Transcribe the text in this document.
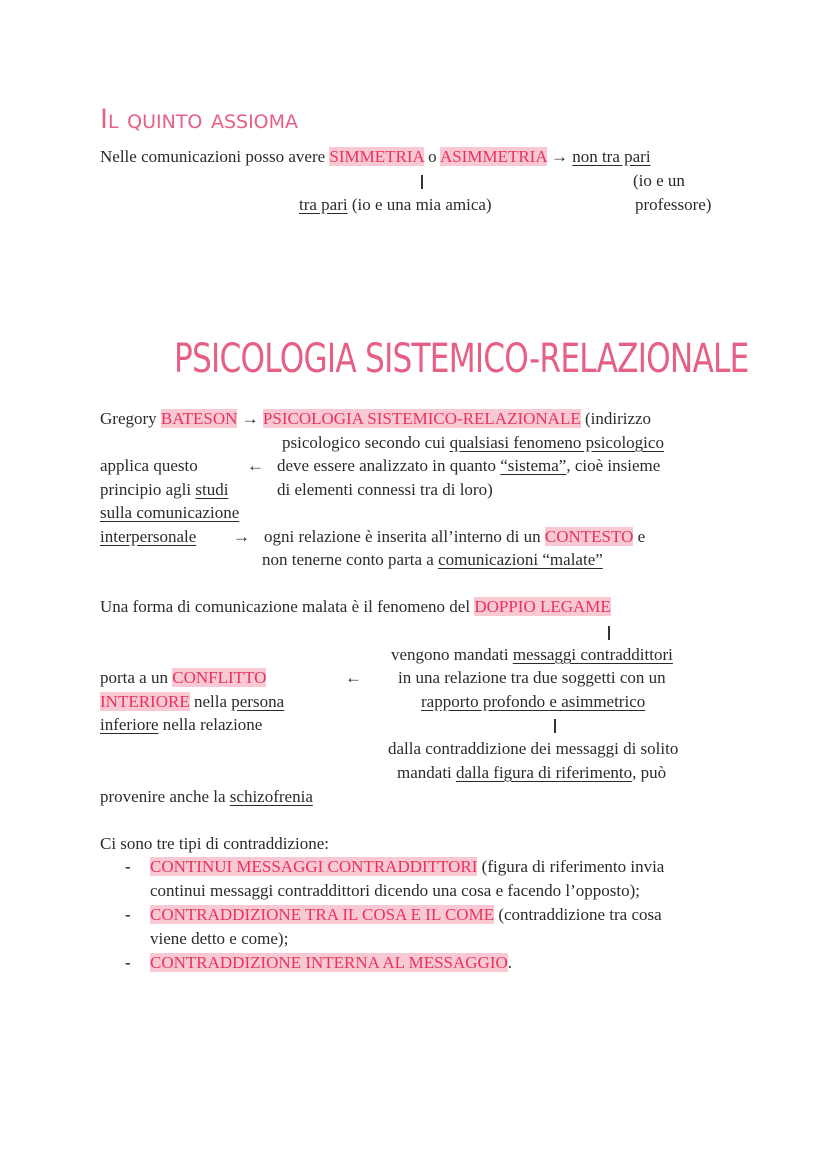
Il quinto assioma
Nelle comunicazioni posso avere SIMMETRIA o ASIMMETRIA → non tra pari
(io e un
tra pari (io e una mia amica)	professore)
PSICOLOGIA SISTEMICO-RELAZIONALE
Gregory BATESON → PSICOLOGIA SISTEMICO-RELAZIONALE (indirizzo
psicologico secondo cui qualsiasi fenomeno psicologico
applica questo	← deve essere analizzato in quanto “sistema”, cioè insieme
principio agli studi	di elementi connessi tra di loro)
sulla comunicazione
interpersonale → ogni relazione è inserita all’interno di un CONTESTO e
non tenerne conto parta a comunicazioni “malate”
Una forma di comunicazione malata è il fenomeno del DOPPIO LEGAME
vengono mandati messaggi contraddittori
porta a un CONFLITTO	← in una relazione tra due soggetti con un
INTERIORE nella persona	rapporto profondo e asimmetrico
inferiore nella relazione
dalla contraddizione dei messaggi di solito
mandati dalla figura di riferimento, può
provenire anche la schizofrenia
Ci sono tre tipi di contraddizione:
- CONTINUI MESSAGGI CONTRADDITTORI (figura di riferimento invia
continui messaggi contraddittori dicendo una cosa e facendo l’opposto);
- CONTRADDIZIONE TRA IL COSA E IL COME (contraddizione tra cosa
viene detto e come);
- CONTRADDIZIONE INTERNA AL MESSAGGIO.
